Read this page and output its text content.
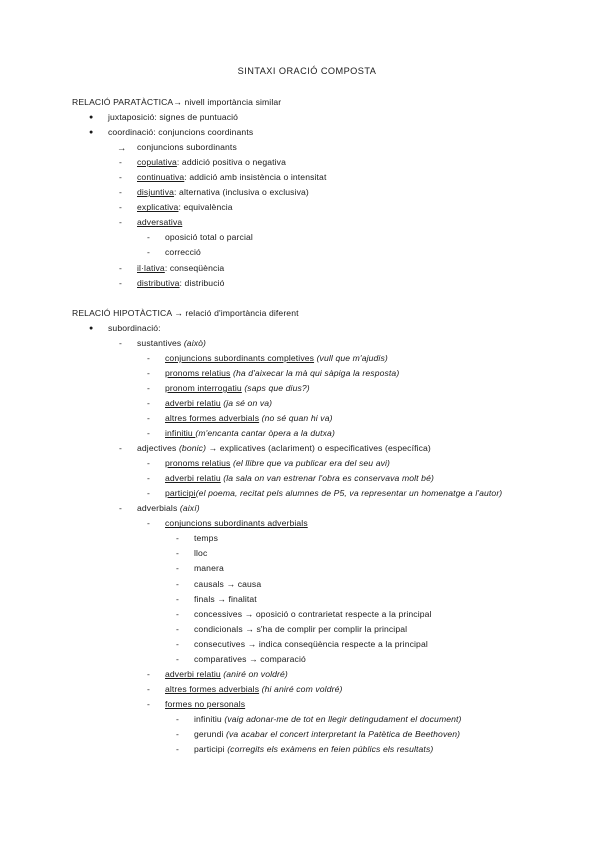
SINTAXI ORACIÓ COMPOSTA
RELACIÓ PARATÀCTICA→ nivell importància similar
●	juxtaposició: signes de puntuació
●	coordinació: conjuncions coordinants
→	conjuncions subordinants
-	copulativa: addició positiva o negativa
-	continuativa: addició amb insistència o intensitat
-	disjuntiva: alternativa (inclusiva o exclusiva)
-	explicativa: equivalència
-	adversativa
-	oposició total o parcial
-	correcció
-	il·lativa: conseqüència
-	distributiva: distribució
RELACIÓ HIPOTÀCTICA → relació d'importància diferent
●	subordinació:
-	sustantives (això)
-	conjuncions subordinants completives (vull que m'ajudis)
-	pronoms relatius (ha d'aixecar la mà qui sàpiga la resposta)
-	pronom interrogatiu (saps que dius?)
-	adverbi relatiu (ja sé on va)
-	altres formes adverbials (no sé quan hi va)
-	infinitiu (m'encanta cantar òpera a la dutxa)
-	adjectives (bonic) → explicatives (aclariment) o especificatives (específica)
-	pronoms relatius (el llibre que va publicar era del seu avi)
-	adverbi relatiu (la sala on van estrenar l'obra es conservava molt bé)
-	participi(el poema, recitat pels alumnes de P5, va representar un homenatge a l'autor)
-	adverbials (així)
-	conjuncions subordinants adverbials
-	temps
-	lloc
-	manera
-	causals → causa
-	finals → finalitat
-	concessives → oposició o contrarietat respecte a la principal
-	condicionals → s'ha de complir per complir la principal
-	consecutives → indica conseqüència respecte a la principal
-	comparatives → comparació
-	adverbi relatiu (aniré on voldré)
-	altres formes adverbials (hi aniré com voldré)
-	formes no personals
-	infinitiu (vaig adonar-me de tot en llegir detingudament el document)
-	gerundi (va acabar el concert interpretant la Patètica de Beethoven)
-	participi (corregits els exàmens en feien públics els resultats)
